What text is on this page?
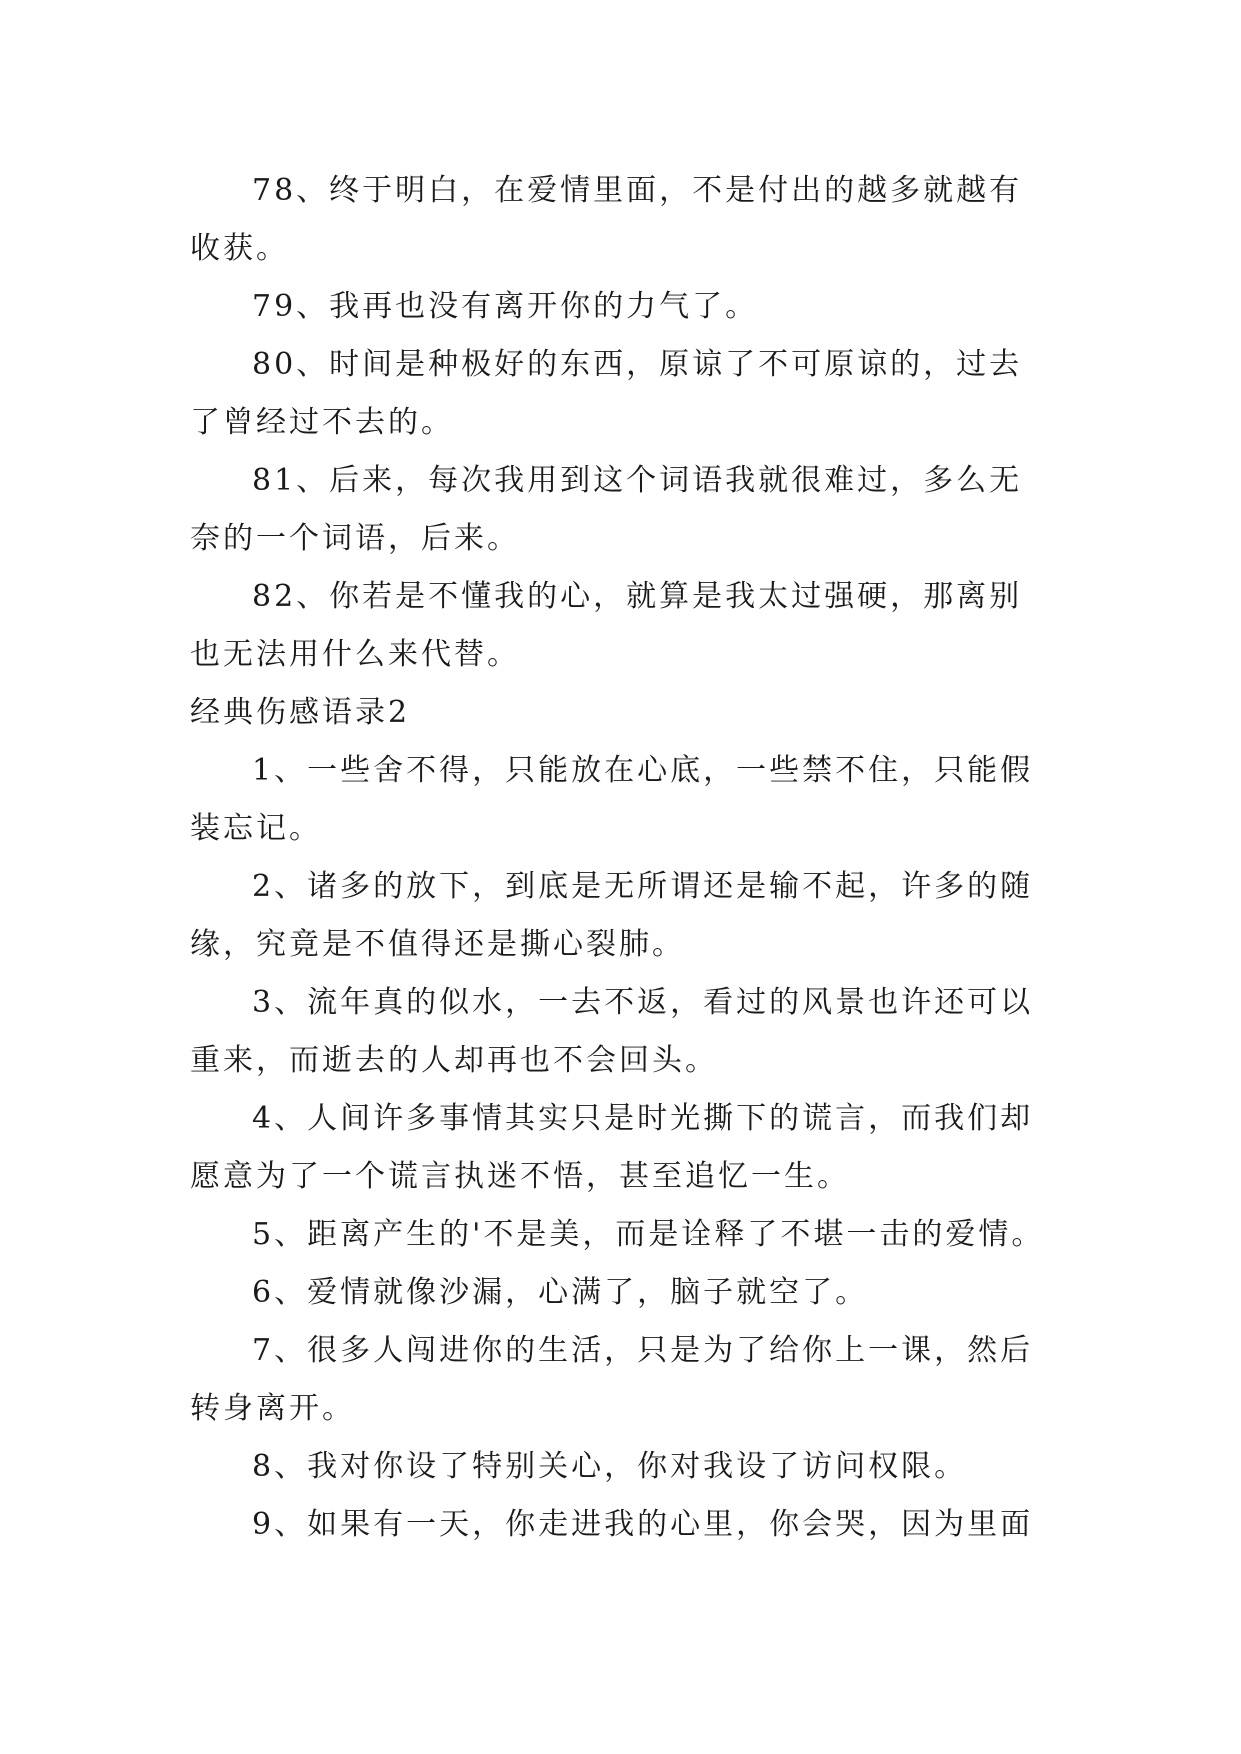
78、终于明白，在爱情里面，不是付出的越多就越有收获。

79、我再也没有离开你的力气了。

80、时间是种极好的东西，原谅了不可原谅的，过去了曾经过不去的。

81、后来，每次我用到这个词语我就很难过，多么无奈的一个词语，后来。

82、你若是不懂我的心，就算是我太过强硬，那离别也无法用什么来代替。

经典伤感语录2

1、一些舍不得，只能放在心底，一些禁不住，只能假装忘记。

2、诸多的放下，到底是无所谓还是输不起，许多的随缘，究竟是不值得还是撕心裂肺。

3、流年真的似水，一去不返，看过的风景也许还可以重来，而逝去的人却再也不会回头。

4、人间许多事情其实只是时光撕下的谎言，而我们却愿意为了一个谎言执迷不悟，甚至追忆一生。

5、距离产生的'不是美，而是诠释了不堪一击的爱情。

6、爱情就像沙漏，心满了，脑子就空了。

7、很多人闯进你的生活，只是为了给你上一课，然后转身离开。

8、我对你设了特别关心，你对我设了访问权限。

9、如果有一天，你走进我的心里，你会哭，因为里面
